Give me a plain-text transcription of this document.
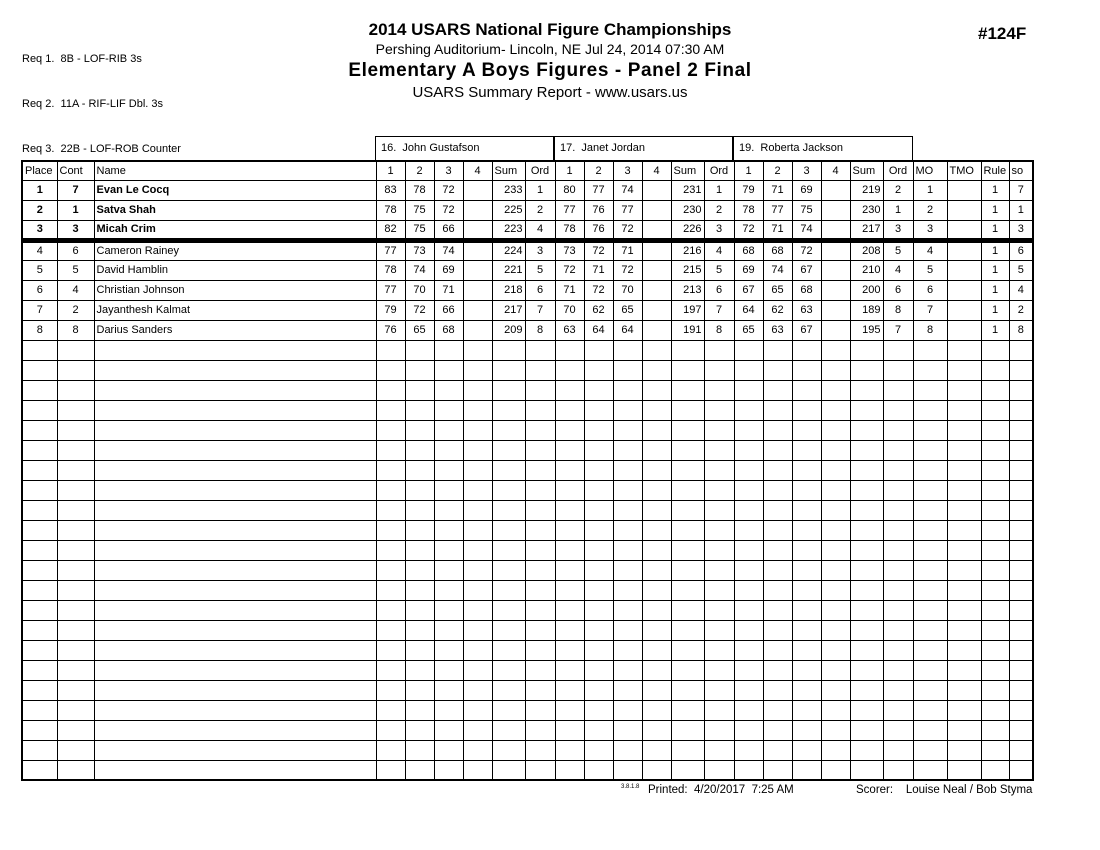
Req 1.  8B - LOF-RIB 3s

Req 2.  11A - RIF-LIF Dbl. 3s

Req 3.  22B - LOF-ROB Counter

2014 USARS National Figure Championships
Pershing Auditorium- Lincoln, NE Jul 24, 2014 07:30 AM
Elementary A Boys Figures - Panel 2 Final
USARS Summary Report - www.usars.us
#124F
16.  John Gustafson	17.  Janet Jordan	19.  Roberta Jackson
Place	Cont	Name	1	2	3	4	Sum	Ord	1	2	3	4	Sum	Ord	1	2	3	4	Sum	Ord	MO	TMO	Rule	so
1	7	Evan Le Cocq	83	78	72		233	1	80	77	74		231	1	79	71	69		219	2	1		1	7
2	1	Satva Shah	78	75	72		225	2	77	76	77		230	2	78	77	75		230	1	2		1	1
3	3	Micah Crim	82	75	66		223	4	78	76	72		226	3	72	71	74		217	3	3		1	3
4	6	Cameron Rainey	77	73	74		224	3	73	72	71		216	4	68	68	72		208	5	4		1	6
5	5	David Hamblin	78	74	69		221	5	72	71	72		215	5	69	74	67		210	4	5		1	5
6	4	Christian Johnson	77	70	71		218	6	71	72	70		213	6	67	65	68		200	6	6		1	4
7	2	Jayanthesh Kalmat	79	72	66		217	7	70	62	65		197	7	64	62	63		189	8	7		1	2
8	8	Darius Sanders	76	65	68		209	8	63	64	64		191	8	65	63	67		195	7	8		1	8

3.8.1.8 Printed:  4/20/2017  7:25 AM	Scorer:    Louise Neal / Bob Styma
